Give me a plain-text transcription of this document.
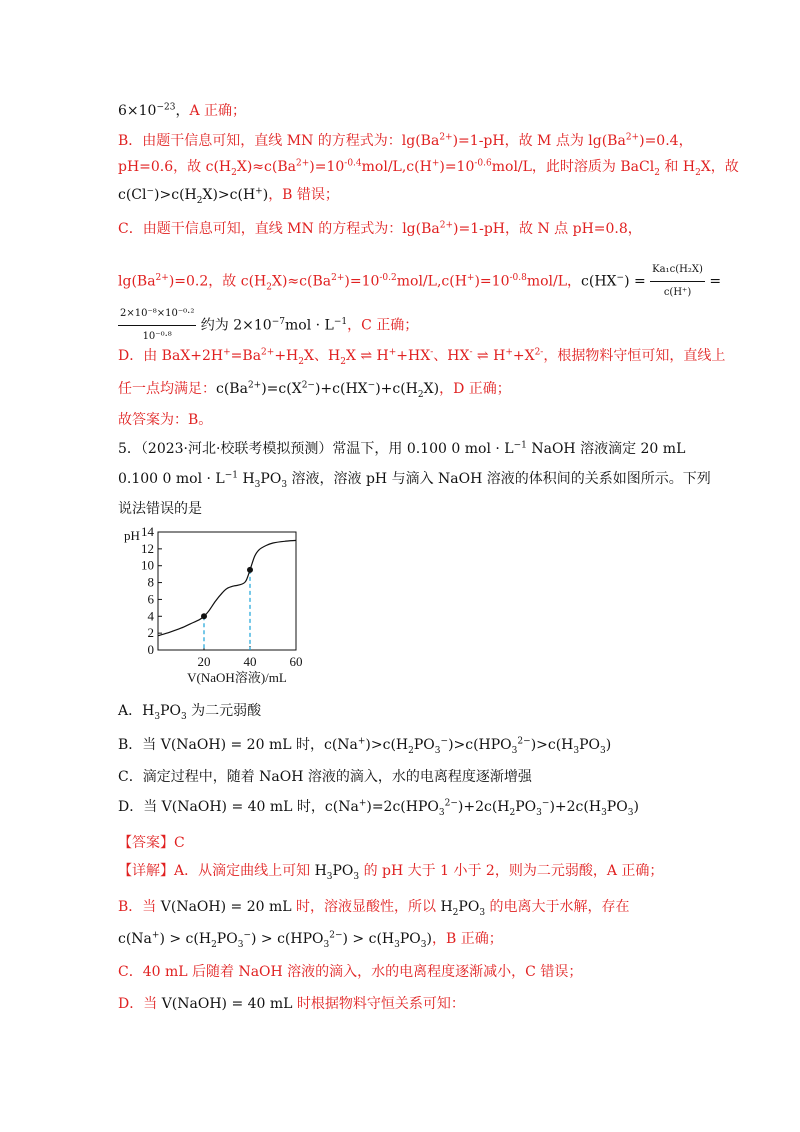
$6\times 10^{-23}$，A 正确；
B．由题干信息可知，直线 MN 的方程式为：$\lg(Ba^{2+})=1-pH$，故 M 点为 $\lg(Ba^{2+})=0.4$，
pH=0.6，故 $c(H_2X)\approx c(Ba^{2+})=10^{-0.4}mol/L,c(H^+)=10^{-0.6}mol/L$，此时溶质为 BaCl$_2$ 和 $H_2X$，故
$c(Cl^-)>c(H_2X)>c(H^+)$，B 错误；
C．由题干信息可知，直线 MN 的方程式为：$\lg(Ba^{2+})=1-pH$，故 N 点 pH=0.8，
$\lg(Ba^{2+})=0.2$，故 $c(H_2X)\approx c(Ba^{2+})=10^{-0.2}mol/L,c(H^+)=10^{-0.8}mol/L$，$c(HX^-) = \frac{\text{Ka₁c(H₂X)}}{c(H^+)}$ =
$\frac{\text{2×10⁻⁸×10⁻⁰·²}}{\text{10⁻⁰·⁸}}$ 约为 $2\times 10^{-7}mol \cdot L^{-1}$，C 正确；
D．由 $BaX+2H^+=Ba^{2+}+H_2X$、$H_2X$ ⇌ H++HX-、HX- ⇌ $H^++X^{2-}$，根据物料守恒可知，直线上
任一点均满足：$c(Ba^{2+})=c(X^{2-})+c(HX^-)+c(H_2X)$，D 正确；
故答案为：B。
5．（2023·河北·校联考模拟预测）常温下，用 0.100 0 mol · $L^{-1}$ NaOH 溶液滴定 20 mL
0.100 0 mol · $L^{-1}$ $H_3PO_3$ 溶液，溶液 pH 与滴入 NaOH 溶液的体积间的关系如图所示。下列
说法错误的是
A．$H_3PO_3$ 为二元弱酸
B．当 V(NaOH) = 20 mL 时，$c(Na^+)>c(H_2PO_3^-)>c(HPO_3^{2-})>c(H_3PO_3)$
C．滴定过程中，随着 NaOH 溶液的滴入，水的电离程度逐渐增强
D．当 V(NaOH) = 40 mL 时，$c(Na^+)=2c(HPO_3^{2-})+2c(H_2PO_3^-)+2c(H_3PO_3)$
【答案】C
【详解】A．从滴定曲线上可知 $H_3PO_3$ 的 pH 大于 1 小于 2，则为二元弱酸，A 正确；
B．当 V(NaOH) = 20 mL 时，溶液显酸性，所以 $H_2PO_3$ 的电离大于水解，存在
$c(Na^+) > c(H_2PO_3^-) > c(HPO_3^{2-}) > c(H_3PO_3)$，B 正确；
C．40 mL 后随着 NaOH 溶液的滴入，水的电离程度逐渐减小，C 错误；
D．当 V(NaOH) = 40 mL 时根据物料守恒关系可知：
0
2
4
6
8
10
12
14
20	40	60
pH
V(NaOH溶液)/mL
